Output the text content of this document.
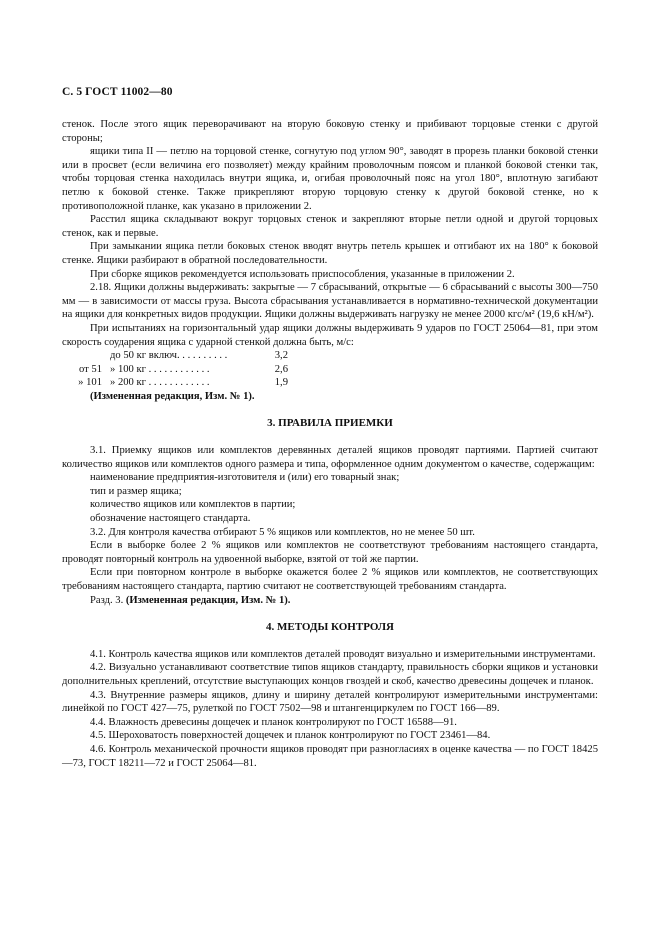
С. 5 ГОСТ 11002—80

стенок. После этого ящик переворачивают на вторую боковую стенку и прибивают торцовые стенки с другой стороны;

ящики типа II — петлю на торцовой стенке, согнутую под углом 90°, заводят в прорезь планки боковой стенки или в просвет (если величина его позволяет) между крайним проволочным поясом и планкой боковой стенки так, чтобы торцовая стенка находилась внутри ящика, и, огибая проволочный пояс на угол 180°, вплотную загибают петлю к боковой стенке. Также прикрепляют вторую торцовую стенку к другой боковой стенке, но к противоположной планке, как указано в приложении 2.

Расстил ящика складывают вокруг торцовых стенок и закрепляют вторые петли одной и другой торцовых стенок, как и первые.

При замыкании ящика петли боковых стенок вводят внутрь петель крышек и отгибают их на 180° к боковой стенке. Ящики разбирают в обратной последовательности.

При сборке ящиков рекомендуется использовать приспособления, указанные в приложении 2.

2.18. Ящики должны выдерживать: закрытые — 7 сбрасываний, открытые — 6 сбрасываний с высоты 300—750 мм — в зависимости от массы груза. Высота сбрасывания устанавливается в нормативно-технической документации на ящики для конкретных видов продукции. Ящики должны выдерживать нагрузку не менее 2000 кгс/м² (19,6 кН/м²).

При испытаниях на горизонтальный удар ящики должны выдерживать 9 ударов по ГОСТ 25064—81, при этом скорость соударения ящика с ударной стенкой должна быть, м/с:

до 50 кг включ. . . . . . . . . .	3,2
от 51 » 100 кг . . . . . . . . . . . .	2,6
» 101 » 200 кг . . . . . . . . . . . .	1,9

(Измененная редакция, Изм. № 1).

3. ПРАВИЛА ПРИЕМКИ

3.1. Приемку ящиков или комплектов деревянных деталей ящиков проводят партиями. Партией считают количество ящиков или комплектов одного размера и типа, оформленное одним документом о качестве, содержащим:

наименование предприятия-изготовителя и (или) его товарный знак;

тип и размер ящика;

количество ящиков или комплектов в партии;

обозначение настоящего стандарта.

3.2. Для контроля качества отбирают 5 % ящиков или комплектов, но не менее 50 шт.

Если в выборке более 2 % ящиков или комплектов не соответствуют требованиям настоящего стандарта, проводят повторный контроль на удвоенной выборке, взятой от той же партии.

Если при повторном контроле в выборке окажется более 2 % ящиков или комплектов, не соответствующих требованиям настоящего стандарта, партию считают не соответствующей требованиям стандарта.

Разд. 3. (Измененная редакция, Изм. № 1).

4. МЕТОДЫ КОНТРОЛЯ

4.1. Контроль качества ящиков или комплектов деталей проводят визуально и измерительными инструментами.

4.2. Визуально устанавливают соответствие типов ящиков стандарту, правильность сборки ящиков и установки дополнительных креплений, отсутствие выступающих концов гвоздей и скоб, качество древесины дощечек и планок.

4.3. Внутренние размеры ящиков, длину и ширину деталей контролируют измерительными инструментами: линейкой по ГОСТ 427—75, рулеткой по ГОСТ 7502—98 и штангенциркулем по ГОСТ 166—89.

4.4. Влажность древесины дощечек и планок контролируют по ГОСТ 16588—91.

4.5. Шероховатость поверхностей дощечек и планок контролируют по ГОСТ 23461—84.

4.6. Контроль механической прочности ящиков проводят при разногласиях в оценке качества — по ГОСТ 18425—73, ГОСТ 18211—72 и ГОСТ 25064—81.
